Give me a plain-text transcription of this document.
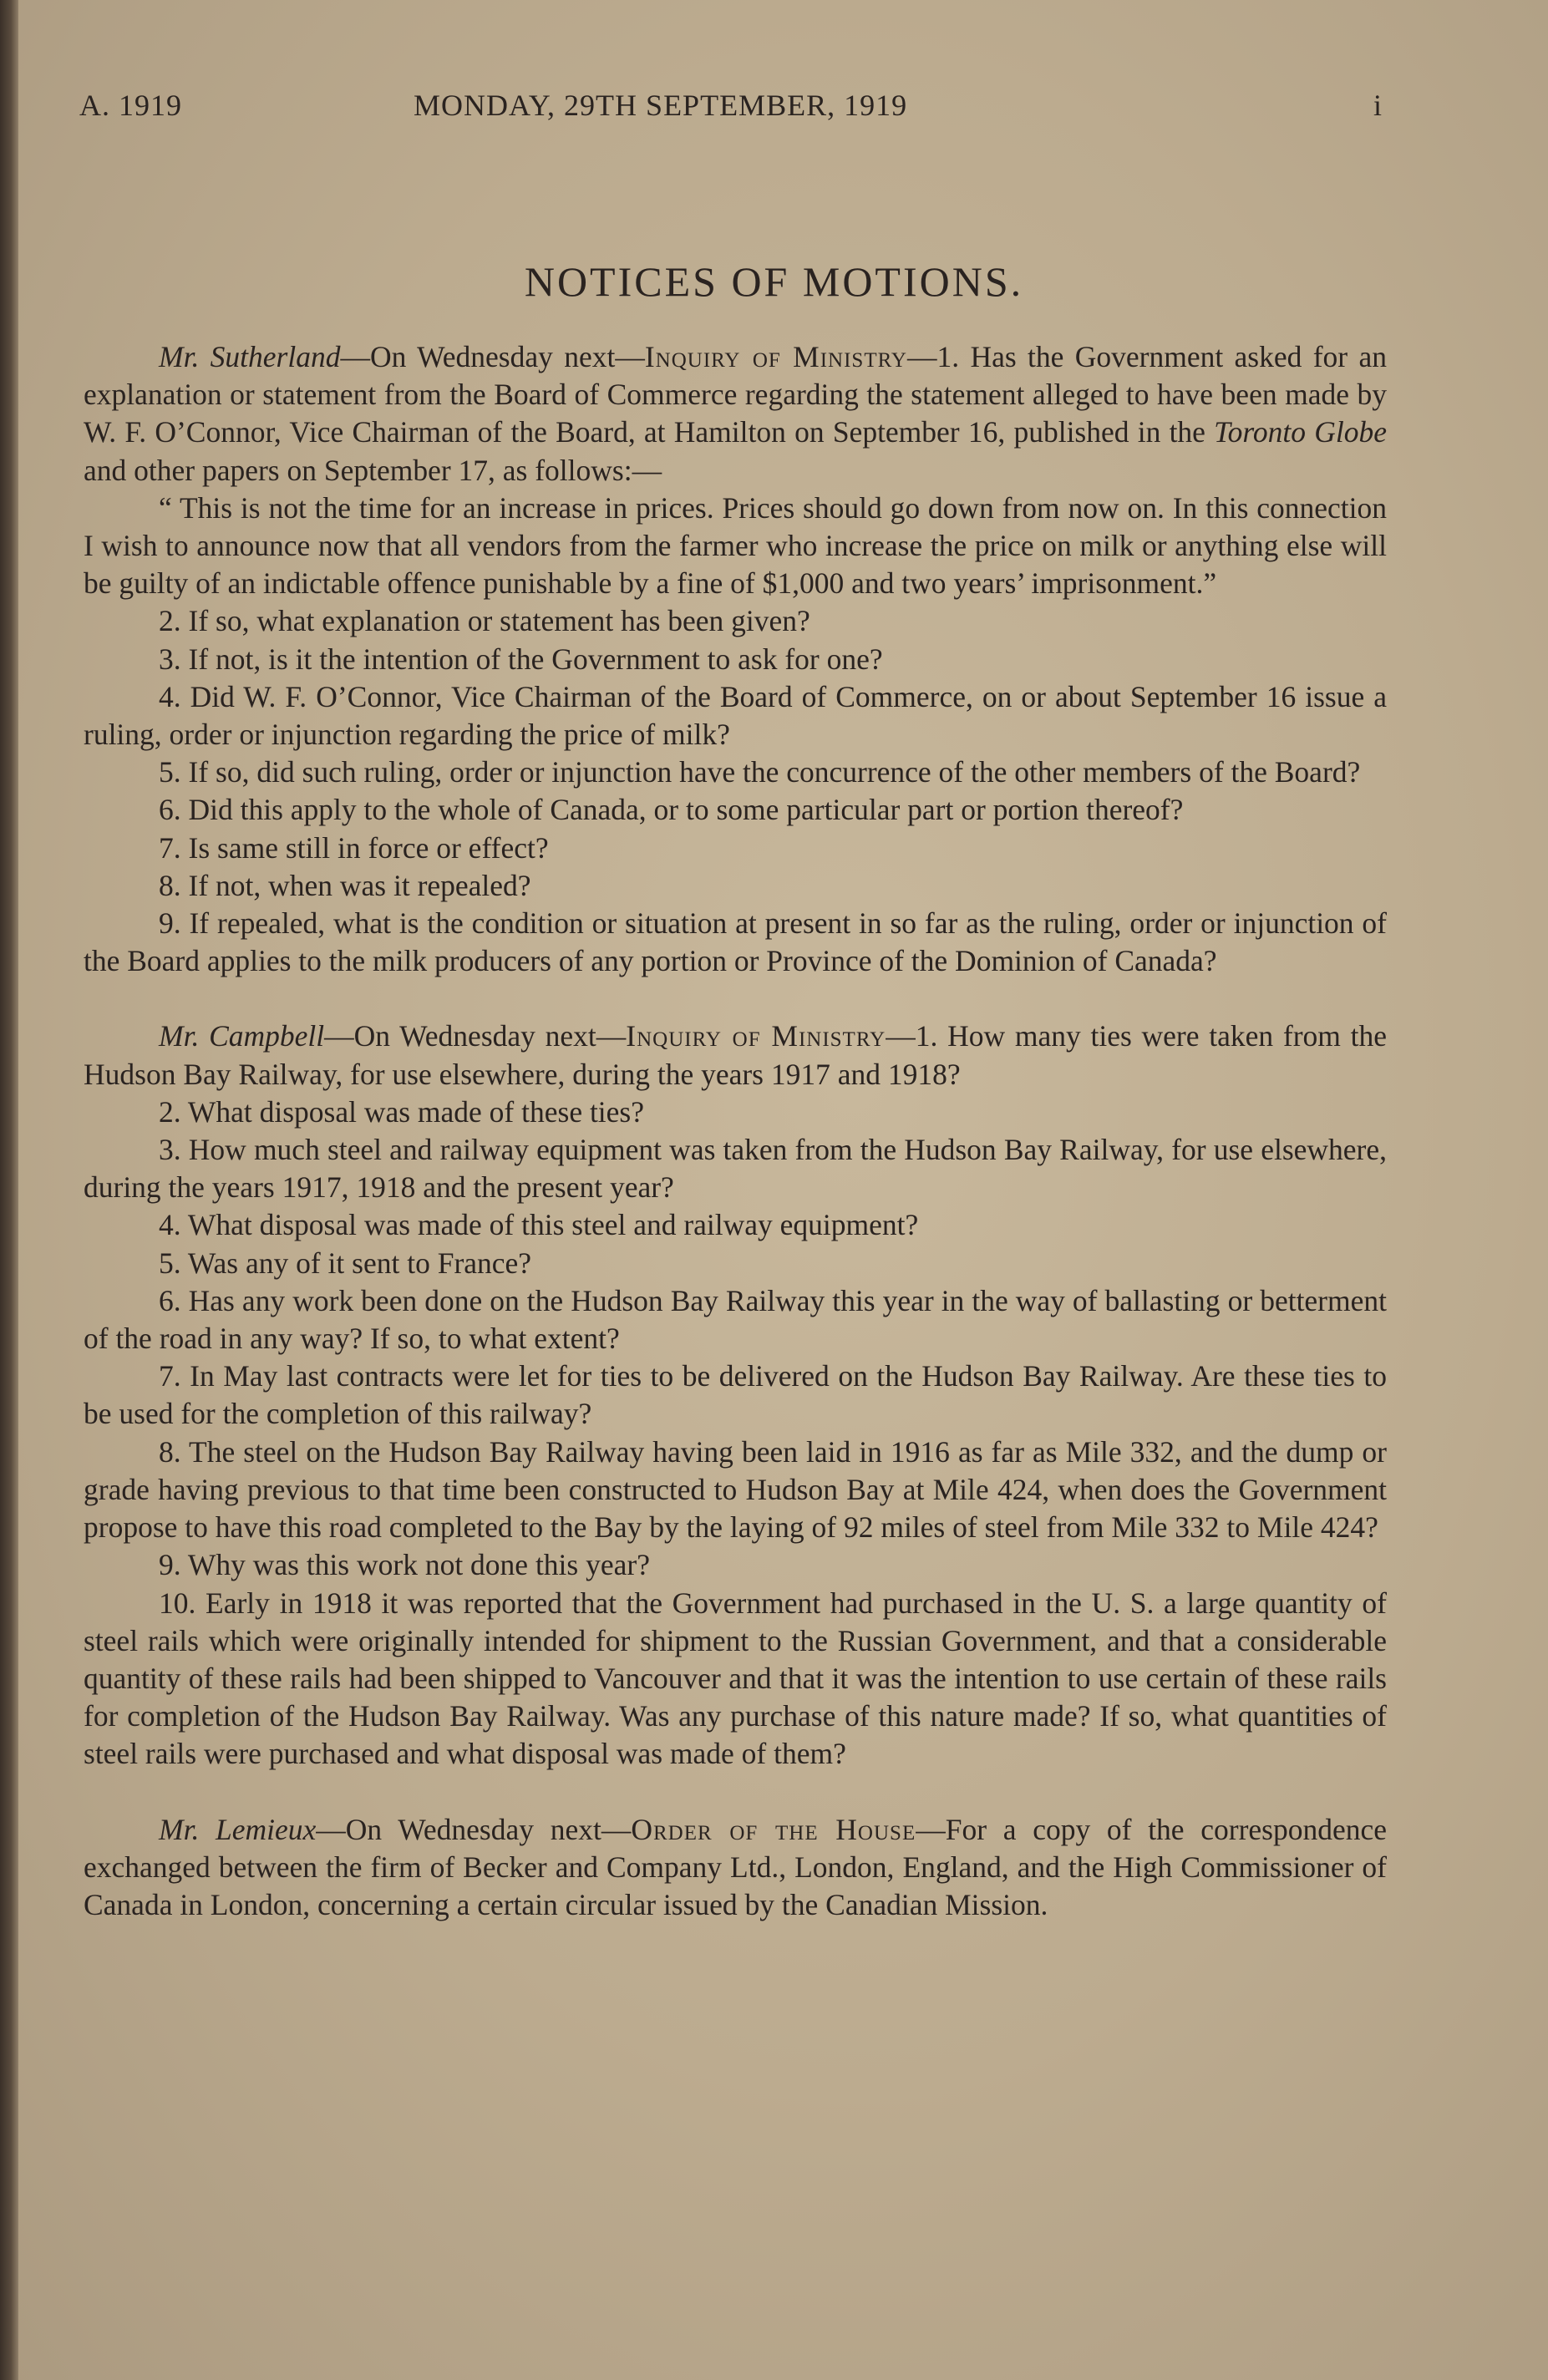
A. 1919	MONDAY, 29TH SEPTEMBER, 1919	i
NOTICES OF MOTIONS.

Mr. Sutherland—On Wednesday next—Inquiry of Ministry—1. Has the Government asked for an explanation or statement from the Board of Commerce regarding the statement alleged to have been made by W. F. O’Connor, Vice Chairman of the Board, at Hamilton on September 16, published in the Toronto Globe and other papers on September 17, as follows:—

“ This is not the time for an increase in prices. Prices should go down from now on. In this connection I wish to announce now that all vendors from the farmer who increase the price on milk or anything else will be guilty of an indictable offence punishable by a fine of $1,000 and two years’ imprisonment.”

2. If so, what explanation or statement has been given?

3. If not, is it the intention of the Government to ask for one?

4. Did W. F. O’Connor, Vice Chairman of the Board of Commerce, on or about September 16 issue a ruling, order or injunction regarding the price of milk?

5. If so, did such ruling, order or injunction have the concurrence of the other members of the Board?

6. Did this apply to the whole of Canada, or to some particular part or portion thereof?

7. Is same still in force or effect?

8. If not, when was it repealed?

9. If repealed, what is the condition or situation at present in so far as the ruling, order or injunction of the Board applies to the milk producers of any portion or Province of the Dominion of Canada?

Mr. Campbell—On Wednesday next—Inquiry of Ministry—1. How many ties were taken from the Hudson Bay Railway, for use elsewhere, during the years 1917 and 1918?

2. What disposal was made of these ties?

3. How much steel and railway equipment was taken from the Hudson Bay Railway, for use elsewhere, during the years 1917, 1918 and the present year?

4. What disposal was made of this steel and railway equipment?

5. Was any of it sent to France?

6. Has any work been done on the Hudson Bay Railway this year in the way of ballasting or betterment of the road in any way? If so, to what extent?

7. In May last contracts were let for ties to be delivered on the Hudson Bay Railway. Are these ties to be used for the completion of this railway?

8. The steel on the Hudson Bay Railway having been laid in 1916 as far as Mile 332, and the dump or grade having previous to that time been constructed to Hudson Bay at Mile 424, when does the Government propose to have this road completed to the Bay by the laying of 92 miles of steel from Mile 332 to Mile 424?

9. Why was this work not done this year?

10. Early in 1918 it was reported that the Government had purchased in the U. S. a large quantity of steel rails which were originally intended for shipment to the Russian Government, and that a considerable quantity of these rails had been shipped to Vancouver and that it was the intention to use certain of these rails for completion of the Hudson Bay Railway. Was any purchase of this nature made? If so, what quantities of steel rails were purchased and what disposal was made of them?

Mr. Lemieux—On Wednesday next—Order of the House—For a copy of the correspondence exchanged between the firm of Becker and Company Ltd., London, England, and the High Commissioner of Canada in London, concerning a certain circular issued by the Canadian Mission.
